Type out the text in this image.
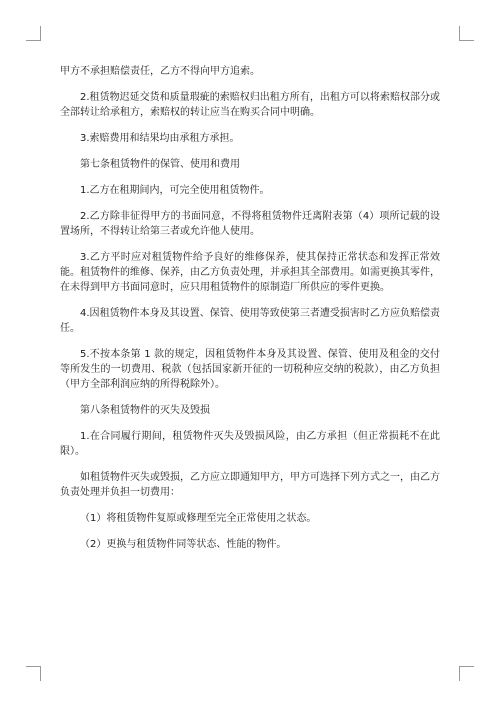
甲方不承担赔偿责任，乙方不得向甲方追索。

2.租赁物迟延交货和质量瑕疵的索赔权归出租方所有，出租方可以将索赔权部分或全部转让给承租方，索赔权的转让应当在购买合同中明确。

3.索赔费用和结果均由承租方承担。

第七条租赁物件的保管、使用和费用

1.乙方在租期间内，可完全使用租赁物件。

2.乙方除非征得甲方的书面同意，不得将租赁物件迁离附表第（4）项所记载的设置场所，不得转让给第三者或允许他人使用。

3.乙方平时应对租赁物件给予良好的维修保养，使其保持正常状态和发挥正常效能。租赁物件的维修、保养，由乙方负责处理，并承担其全部费用。如需更换其零件，在未得到甲方书面同意时，应只用租赁物件的原制造厂所供应的零件更换。

4.因租赁物件本身及其设置、保管、使用等致使第三者遭受损害时乙方应负赔偿责任。

5.不按本条第 1 款的规定，因租赁物件本身及其设置、保管、使用及租金的交付等所发生的一切费用、税款（包括国家新开征的一切税种应交纳的税款），由乙方负担（甲方全部利润应纳的所得税除外）。

第八条租赁物件的灭失及毁损

1.在合同履行期间，租赁物件灭失及毁损风险，由乙方承担（但正常损耗不在此限）。

如租赁物件灭失或毁损，乙方应立即通知甲方，甲方可选择下列方式之一，由乙方负责处理并负担一切费用：

（1）将租赁物件复原或修理至完全正常使用之状态。

（2）更换与租赁物件同等状态、性能的物件。
